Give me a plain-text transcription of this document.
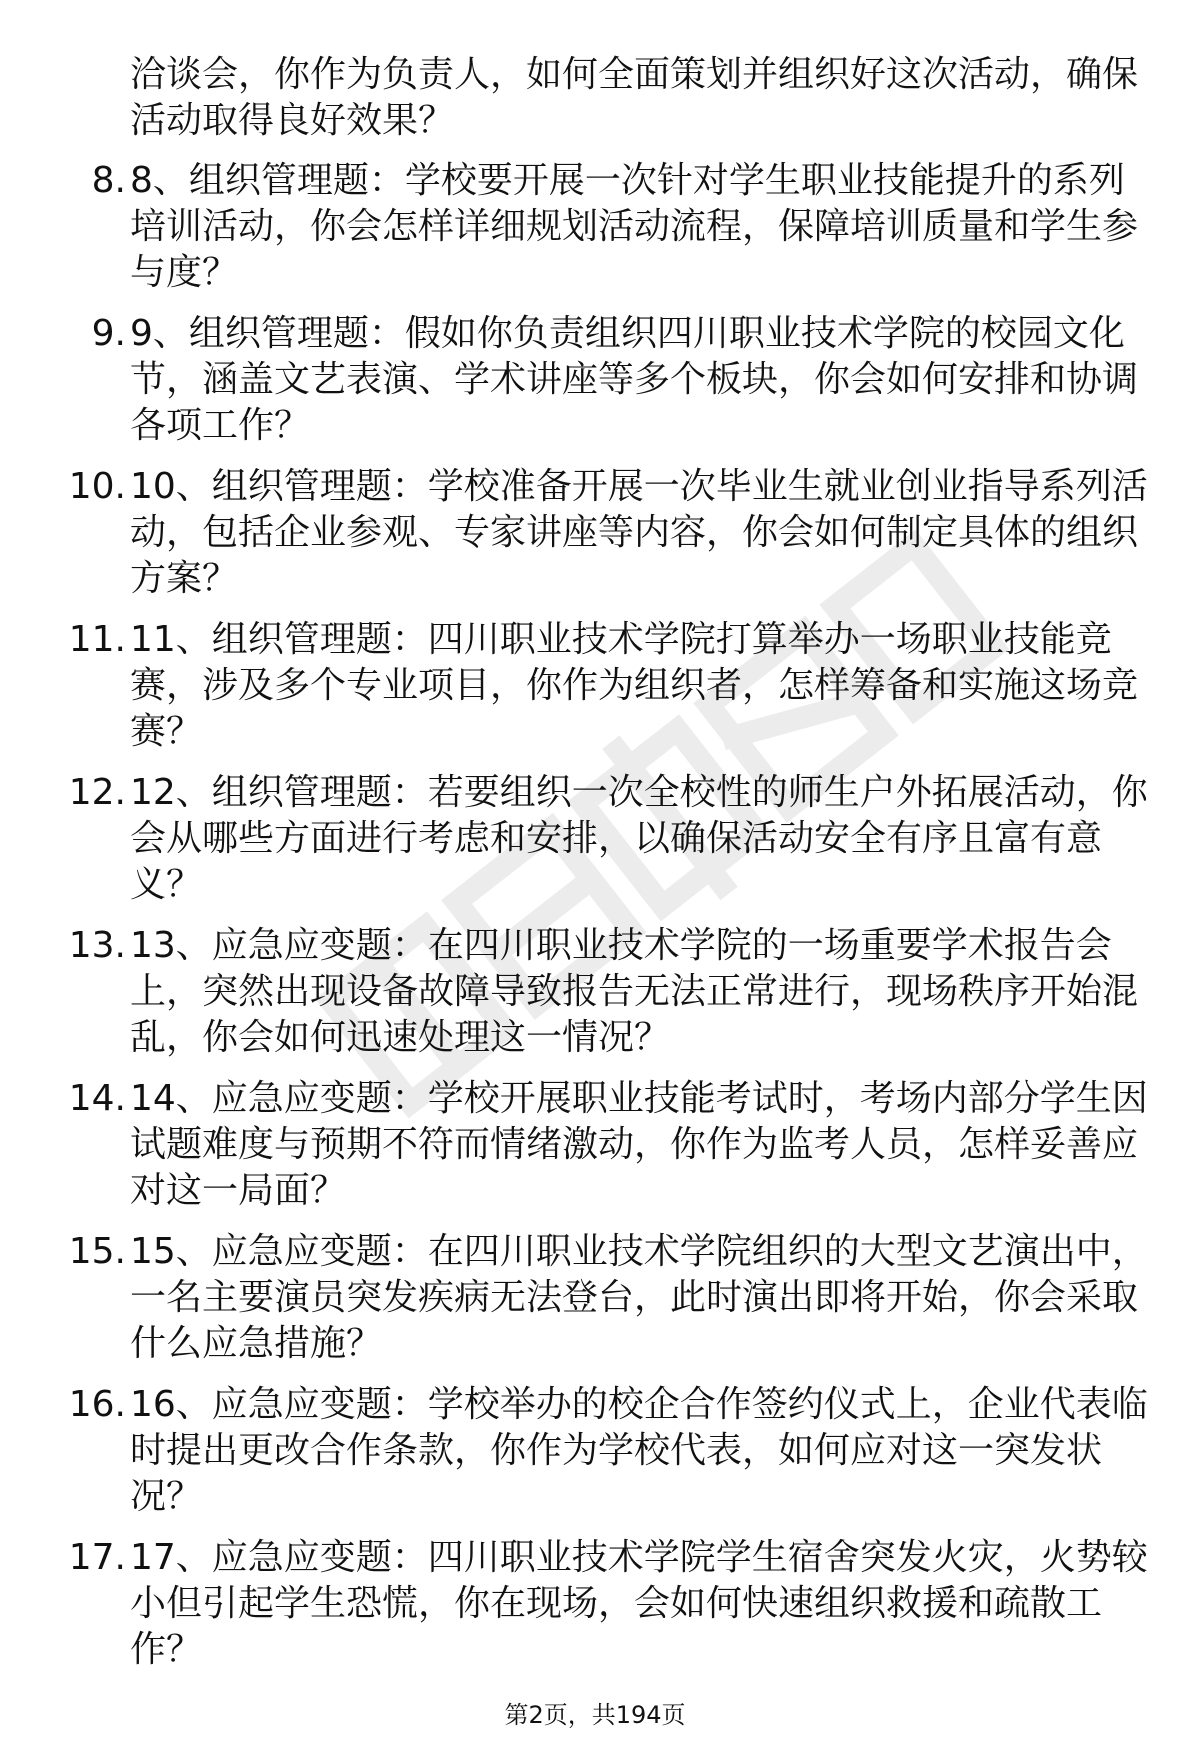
洽谈会，你作为负责人，如何全面策划并组织好这次活动，确保活动取得良好效果？
8. 8、组织管理题：学校要开展一次针对学生职业技能提升的系列培训活动，你会怎样详细规划活动流程，保障培训质量和学生参与度？
9. 9、组织管理题：假如你负责组织四川职业技术学院的校园文化节，涵盖文艺表演、学术讲座等多个板块，你会如何安排和协调各项工作？
10. 10、组织管理题：学校准备开展一次毕业生就业创业指导系列活动，包括企业参观、专家讲座等内容，你会如何制定具体的组织方案？
11. 11、组织管理题：四川职业技术学院打算举办一场职业技能竞赛，涉及多个专业项目，你作为组织者，怎样筹备和实施这场竞赛？
12. 12、组织管理题：若要组织一次全校性的师生户外拓展活动，你会从哪些方面进行考虑和安排，以确保活动安全有序且富有意义？
13. 13、应急应变题：在四川职业技术学院的一场重要学术报告会上，突然出现设备故障导致报告无法正常进行，现场秩序开始混乱，你会如何迅速处理这一情况？
14. 14、应急应变题：学校开展职业技能考试时，考场内部分学生因试题难度与预期不符而情绪激动，你作为监考人员，怎样妥善应对这一局面？
15. 15、应急应变题：在四川职业技术学院组织的大型文艺演出中，一名主要演员突发疾病无法登台，此时演出即将开始，你会采取什么应急措施？
16. 16、应急应变题：学校举办的校企合作签约仪式上，企业代表临时提出更改合作条款，你作为学校代表，如何应对这一突发状况？
17. 17、应急应变题：四川职业技术学院学生宿舍突发火灾，火势较小但引起学生恐慌，你在现场，会如何快速组织救援和疏散工作？
第2页，共194页
